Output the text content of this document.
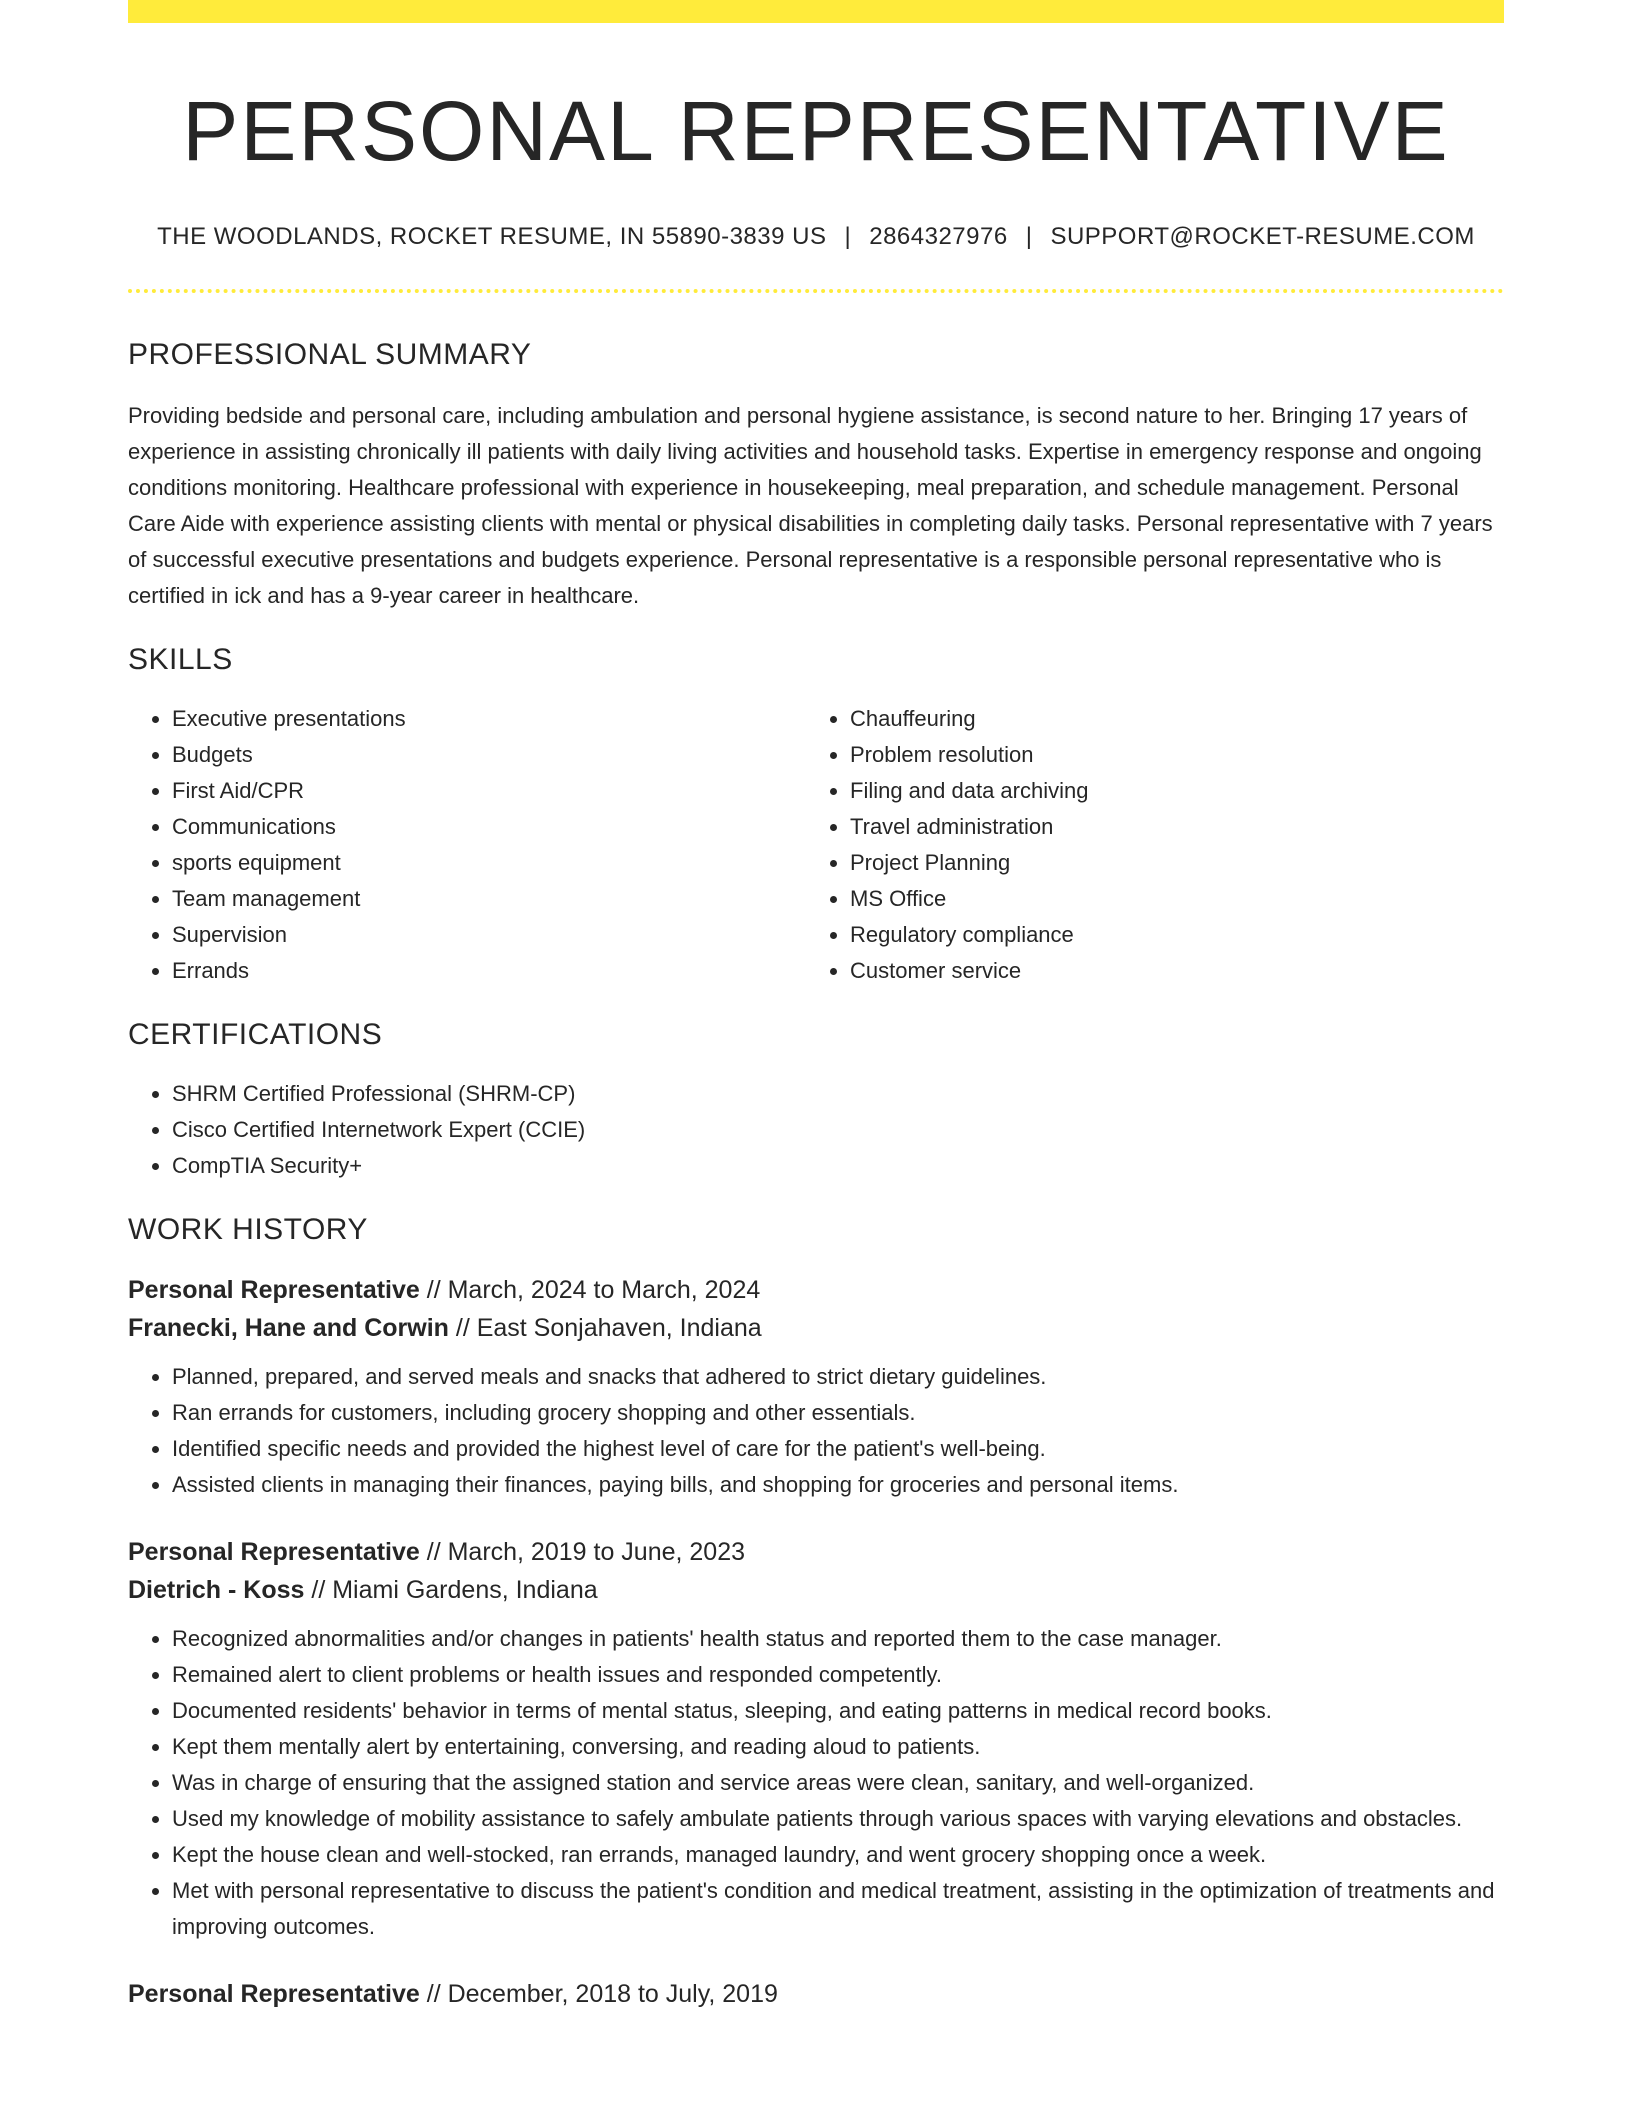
PERSONAL REPRESENTATIVE
THE WOODLANDS, ROCKET RESUME, IN 55890-3839 US | 2864327976 | SUPPORT@ROCKET-RESUME.COM
PROFESSIONAL SUMMARY

Providing bedside and personal care, including ambulation and personal hygiene assistance, is second nature to her. Bringing 17 years of experience in assisting chronically ill patients with daily living activities and household tasks. Expertise in emergency response and ongoing conditions monitoring. Healthcare professional with experience in housekeeping, meal preparation, and schedule management. Personal Care Aide with experience assisting clients with mental or physical disabilities in completing daily tasks. Personal representative with 7 years of successful executive presentations and budgets experience. Personal representative is a responsible personal representative who is certified in ick and has a 9-year career in healthcare.

SKILLS
• Executive presentations
• Budgets
• First Aid/CPR
• Communications
• sports equipment
• Team management
• Supervision
• Errands
• Chauffeuring
• Problem resolution
• Filing and data archiving
• Travel administration
• Project Planning
• MS Office
• Regulatory compliance
• Customer service
CERTIFICATIONS
• SHRM Certified Professional (SHRM-CP)
• Cisco Certified Internetwork Expert (CCIE)
• CompTIA Security+
WORK HISTORY
Personal Representative // March, 2024 to March, 2024
Franecki, Hane and Corwin // East Sonjahaven, Indiana
• Planned, prepared, and served meals and snacks that adhered to strict dietary guidelines.
• Ran errands for customers, including grocery shopping and other essentials.
• Identified specific needs and provided the highest level of care for the patient's well-being.
• Assisted clients in managing their finances, paying bills, and shopping for groceries and personal items.
Personal Representative // March, 2019 to June, 2023
Dietrich - Koss // Miami Gardens, Indiana
• Recognized abnormalities and/or changes in patients' health status and reported them to the case manager.
• Remained alert to client problems or health issues and responded competently.
• Documented residents' behavior in terms of mental status, sleeping, and eating patterns in medical record books.
• Kept them mentally alert by entertaining, conversing, and reading aloud to patients.
• Was in charge of ensuring that the assigned station and service areas were clean, sanitary, and well-organized.
• Used my knowledge of mobility assistance to safely ambulate patients through various spaces with varying elevations and obstacles.
• Kept the house clean and well-stocked, ran errands, managed laundry, and went grocery shopping once a week.
• Met with personal representative to discuss the patient's condition and medical treatment, assisting in the optimization of treatments and improving outcomes.
Personal Representative // December, 2018 to July, 2019
